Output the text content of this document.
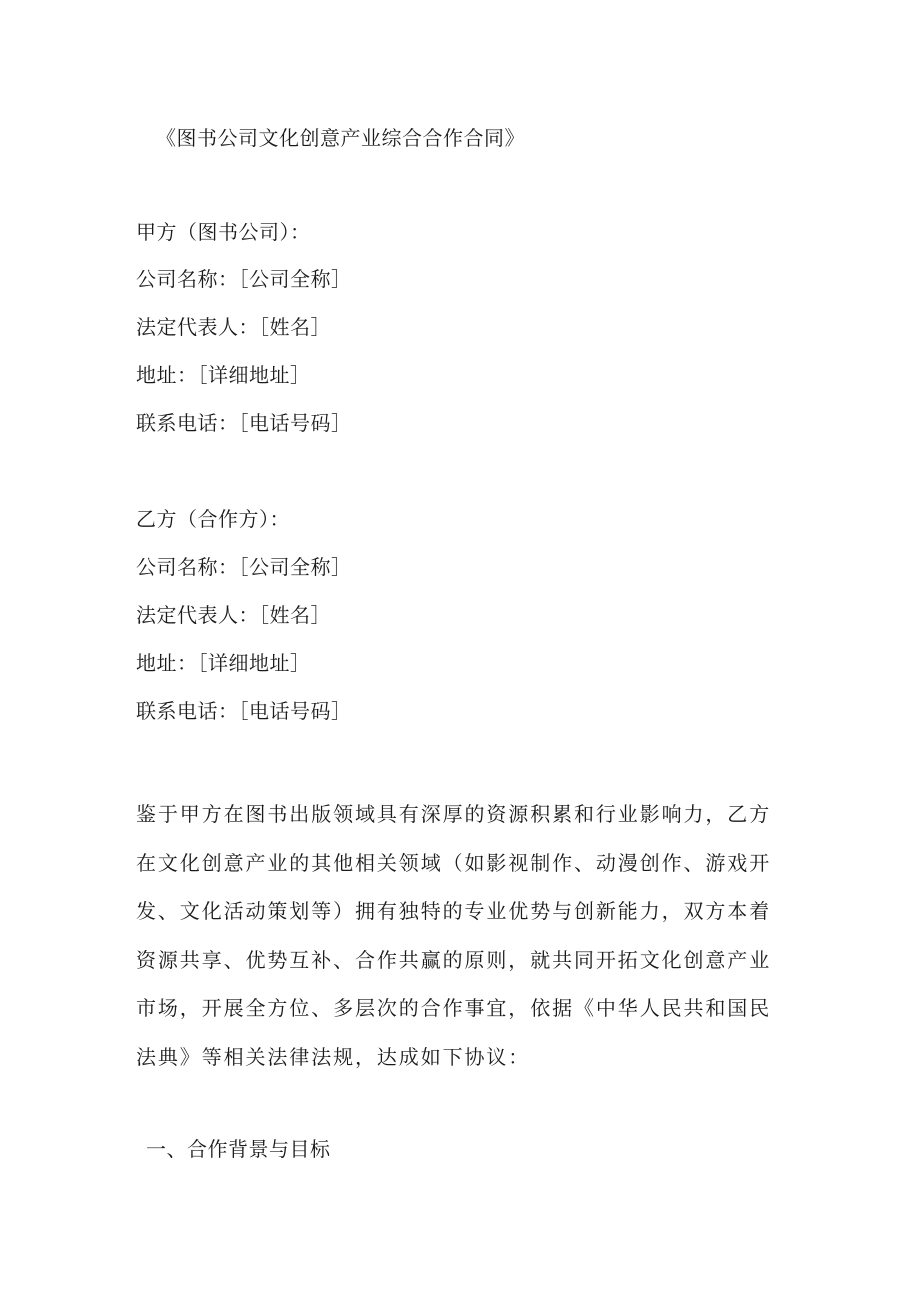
《图书公司文化创意产业综合合作合同》
甲方（图书公司）：
公司名称：［公司全称］
法定代表人：［姓名］
地址：［详细地址］
联系电话：［电话号码］
乙方（合作方）：
公司名称：［公司全称］
法定代表人：［姓名］
地址：［详细地址］
联系电话：［电话号码］
鉴于甲方在图书出版领域具有深厚的资源积累和行业影响力，乙方在文化创意产业的其他相关领域（如影视制作、动漫创作、游戏开发、文化活动策划等）拥有独特的专业优势与创新能力，双方本着资源共享、优势互补、合作共赢的原则，就共同开拓文化创意产业市场，开展全方位、多层次的合作事宜，依据《中华人民共和国民法典》等相关法律法规，达成如下协议：
一、合作背景与目标
